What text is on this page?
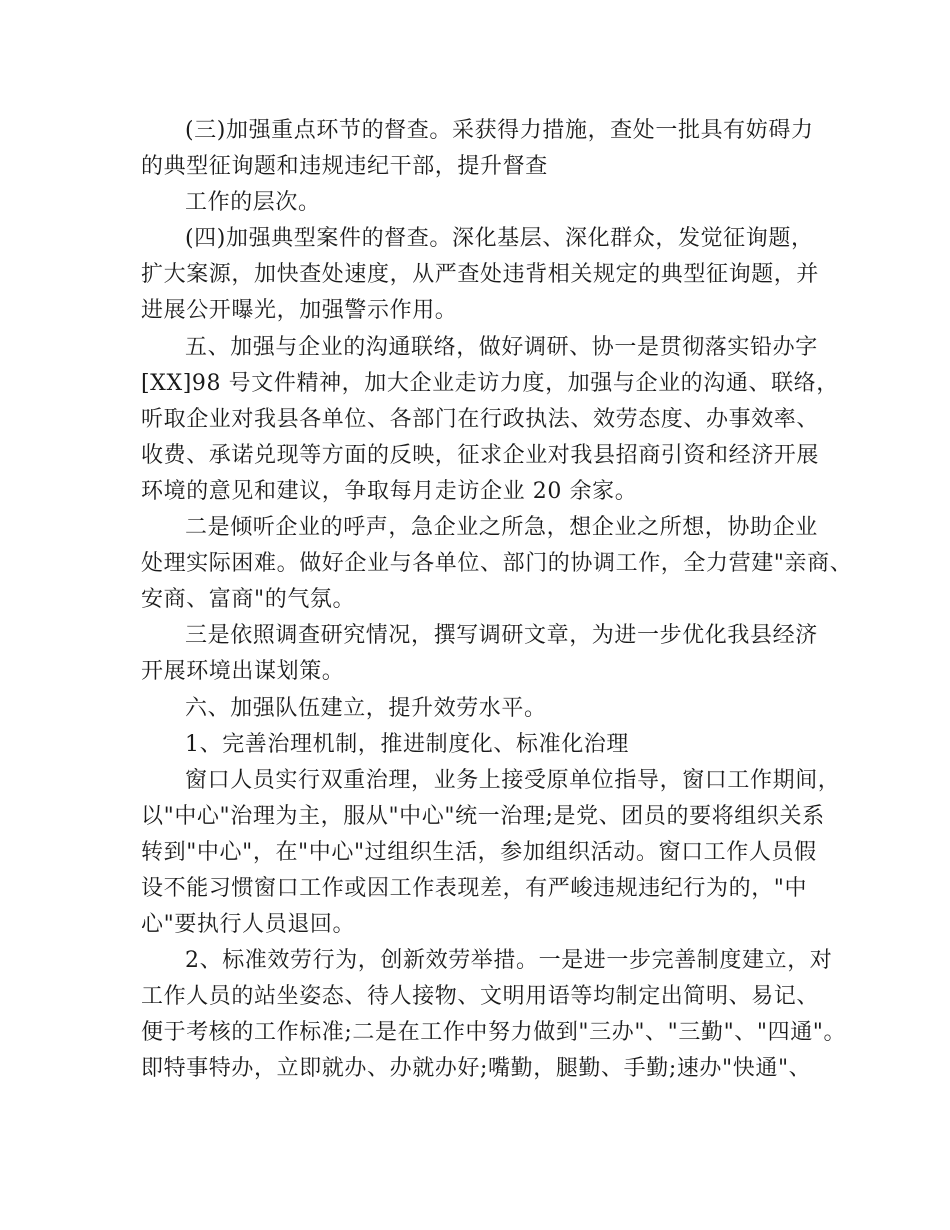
(三)加强重点环节的督查。采获得力措施，查处一批具有妨碍力
的典型征询题和违规违纪干部，提升督查
工作的层次。
(四)加强典型案件的督查。深化基层、深化群众，发觉征询题，
扩大案源，加快查处速度，从严查处违背相关规定的典型征询题，并
进展公开曝光，加强警示作用。
五、加强与企业的沟通联络，做好调研、协一是贯彻落实铅办字
[XX]98 号文件精神，加大企业走访力度，加强与企业的沟通、联络，
听取企业对我县各单位、各部门在行政执法、效劳态度、办事效率、
收费、承诺兑现等方面的反映，征求企业对我县招商引资和经济开展
环境的意见和建议，争取每月走访企业 20 余家。
二是倾听企业的呼声，急企业之所急，想企业之所想，协助企业
处理实际困难。做好企业与各单位、部门的协调工作，全力营建"亲商、
安商、富商"的气氛。
三是依照调查研究情况，撰写调研文章，为进一步优化我县经济
开展环境出谋划策。
六、加强队伍建立，提升效劳水平。
1、完善治理机制，推进制度化、标准化治理
窗口人员实行双重治理，业务上接受原单位指导，窗口工作期间，
以"中心"治理为主，服从"中心"统一治理;是党、团员的要将组织关系
转到"中心"，在"中心"过组织生活，参加组织活动。窗口工作人员假
设不能习惯窗口工作或因工作表现差，有严峻违规违纪行为的，"中
心"要执行人员退回。
2、标准效劳行为，创新效劳举措。一是进一步完善制度建立，对
工作人员的站坐姿态、待人接物、文明用语等均制定出简明、易记、
便于考核的工作标准;二是在工作中努力做到"三办"、"三勤"、"四通"。
即特事特办，立即就办、办就办好;嘴勤，腿勤、手勤;速办"快通"、
